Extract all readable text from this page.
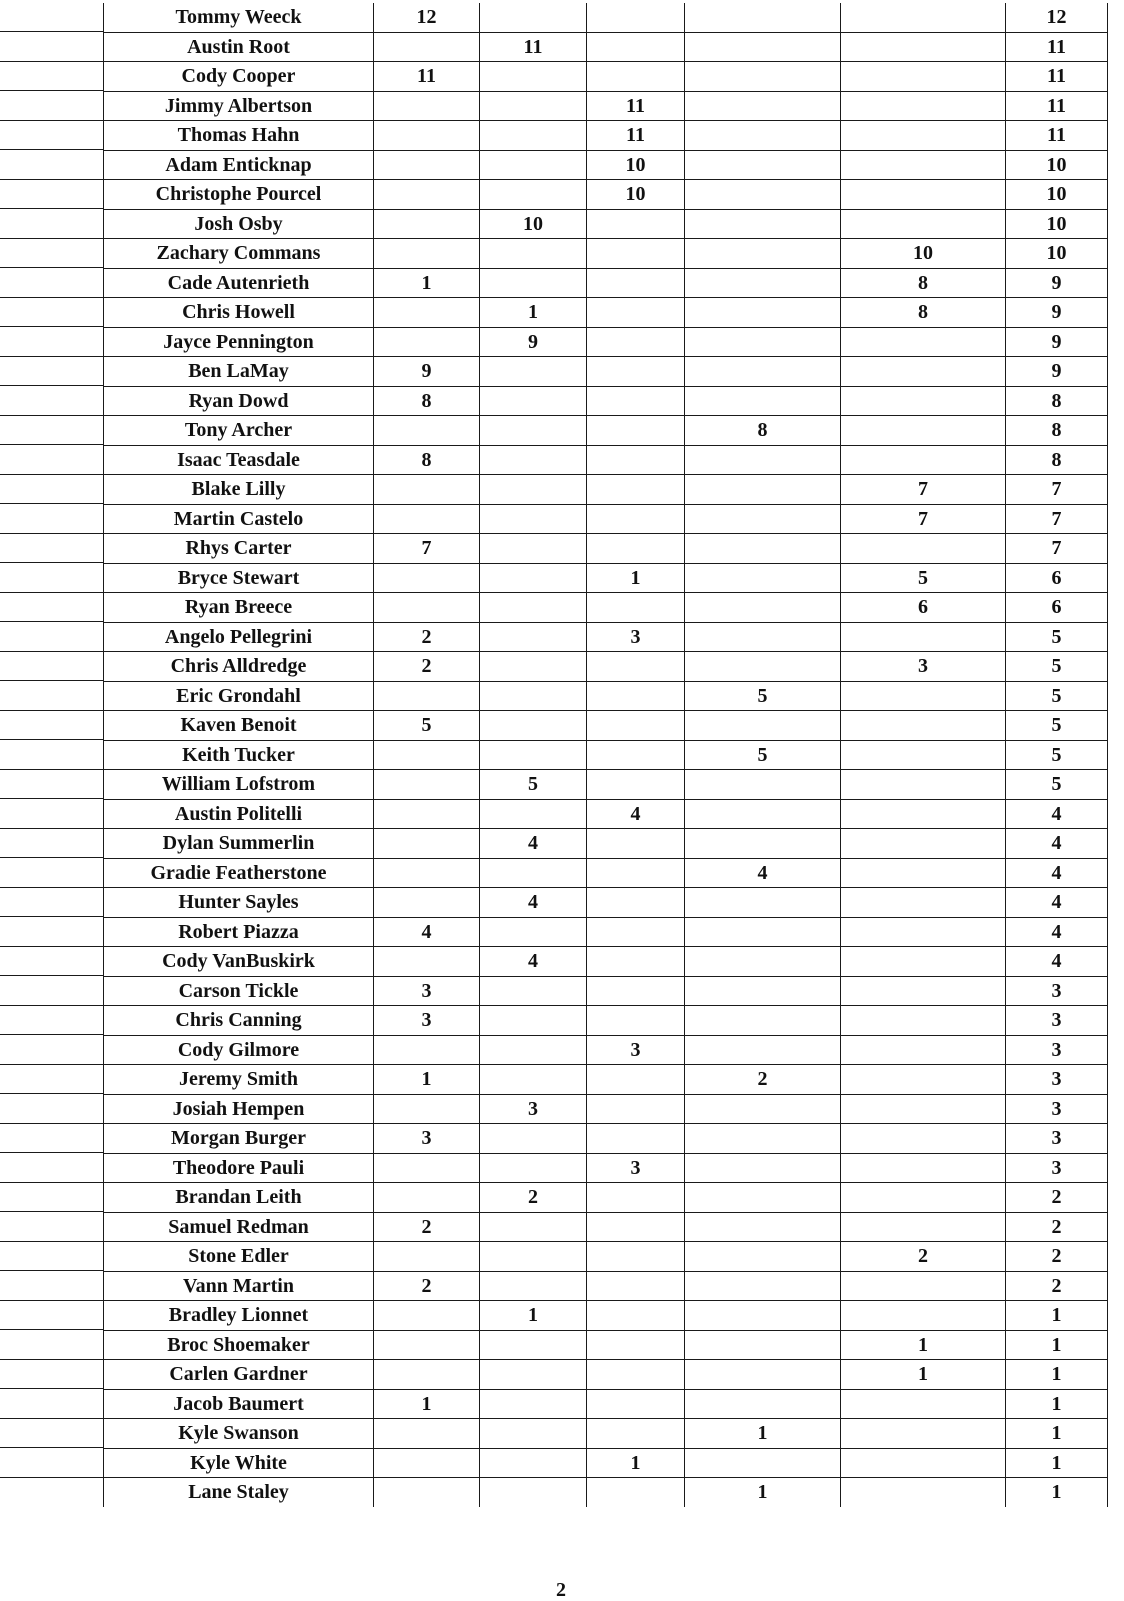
Tommy Weeck	12					12
Austin Root		11				11
Cody Cooper	11					11
Jimmy Albertson			11			11
Thomas Hahn			11			11
Adam Enticknap			10			10
Christophe Pourcel			10			10
Josh Osby		10				10
Zachary Commans					10	10
Cade Autenrieth	1				8	9
Chris Howell		1			8	9
Jayce Pennington		9				9
Ben LaMay	9					9
Ryan Dowd	8					8
Tony Archer				8		8
Isaac Teasdale	8					8
Blake Lilly					7	7
Martin Castelo					7	7
Rhys Carter	7					7
Bryce Stewart			1		5	6
Ryan Breece					6	6
Angelo Pellegrini	2		3			5
Chris Alldredge	2				3	5
Eric Grondahl				5		5
Kaven Benoit	5					5
Keith Tucker				5		5
William Lofstrom		5				5
Austin Politelli			4			4
Dylan Summerlin		4				4
Gradie Featherstone				4		4
Hunter Sayles		4				4
Robert Piazza	4					4
Cody VanBuskirk		4				4
Carson Tickle	3					3
Chris Canning	3					3
Cody Gilmore			3			3
Jeremy Smith	1			2		3
Josiah Hempen		3				3
Morgan Burger	3					3
Theodore Pauli			3			3
Brandan Leith		2				2
Samuel Redman	2					2
Stone Edler					2	2
Vann Martin	2					2
Bradley Lionnet		1				1
Broc Shoemaker					1	1
Carlen Gardner					1	1
Jacob Baumert	1					1
Kyle Swanson				1		1
Kyle White			1			1
Lane Staley				1		1
2
